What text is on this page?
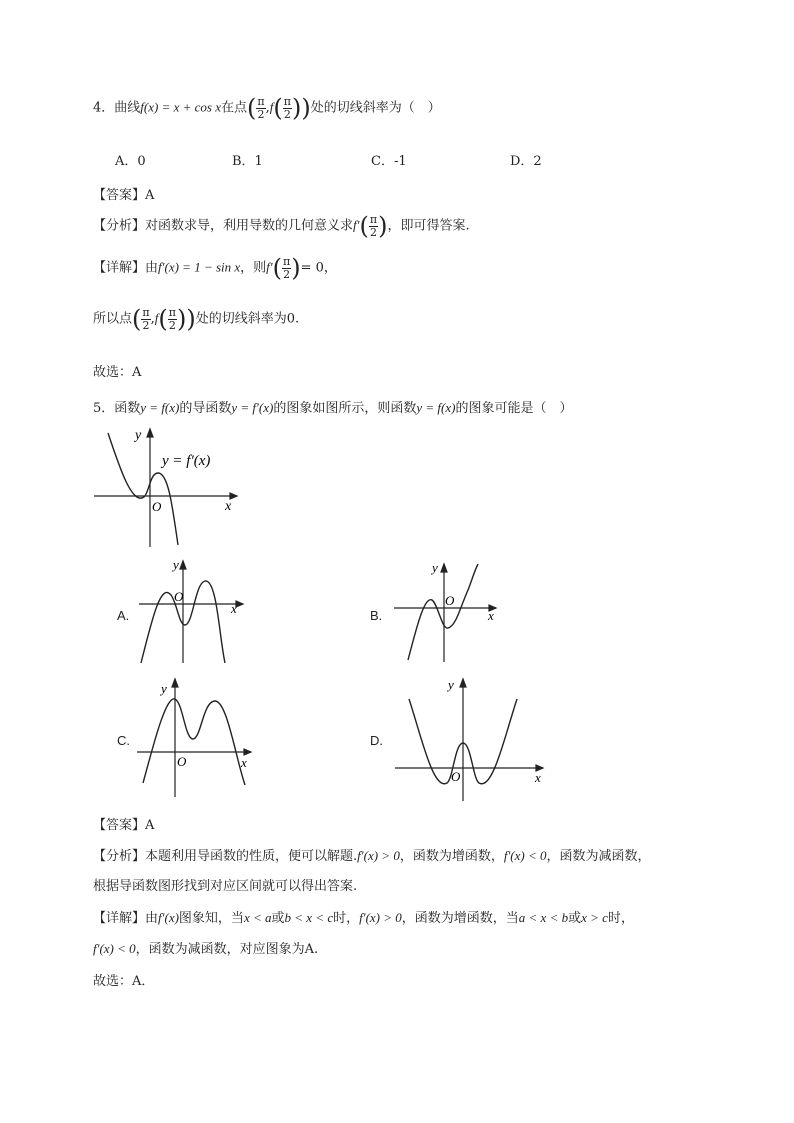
4．曲线f(x) = x + cos x在点( $\frac{\pi}{2} ,f( \frac{\pi}{2}$ ))处的切线斜率为（　）
A．0	B．1	C．-1	D．2
【答案】A
【分析】对函数求导，利用导数的几何意义求$f'( \frac{\pi}{2}$ )，即可得答案.
【详解】由f′(x) = 1 − sin x，则$f'( \frac{\pi}{2}$ )= 0，
所以点( $\frac{\pi}{2} ,f( \frac{\pi}{2}$ ))处的切线斜率为0.
故选：A
5．函数y = f(x)的导函数y = f′(x)的图象如图所示，则函数y = f(x)的图象可能是（　）
y
x
O
y = f′(x)
A.
y
x
O
B.
y
x
O
C.
y
x
O
D.
y
x
O
【答案】A
【分析】本题利用导函数的性质，便可以解题.f′(x) > 0，函数为增函数，f′(x) < 0，函数为减函数，
根据导函数图形找到对应区间就可以得出答案.
【详解】由f′(x)图象知，当x < a或b < x < c时，f′(x) > 0，函数为增函数，当a < x < b或x > c时，
f′(x) < 0，函数为减函数，对应图象为A.
故选：A．
